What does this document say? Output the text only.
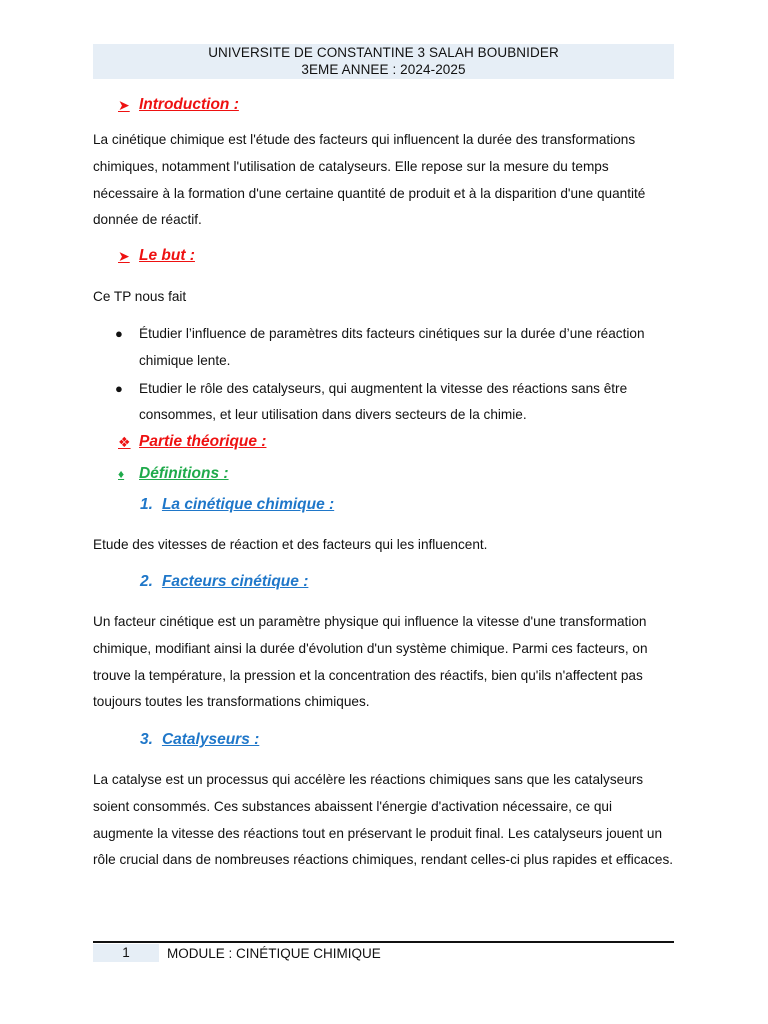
UNIVERSITE DE CONSTANTINE 3 SALAH BOUBNIDER
3EME ANNEE : 2024-2025
➤ Introduction :
La cinétique chimique est l'étude des facteurs qui influencent la durée des transformations chimiques, notamment l'utilisation de catalyseurs. Elle repose sur la mesure du temps nécessaire à la formation d'une certaine quantité de produit et à la disparition d'une quantité donnée de réactif.
➤ Le but :
Ce TP nous fait
● Étudier l’influence de paramètres dits facteurs cinétiques sur la durée d’une réaction chimique lente.
● Etudier le rôle des catalyseurs, qui augmentent la vitesse des réactions sans être consommes, et leur utilisation dans divers secteurs de la chimie.
❖ Partie théorique :
♦ Définitions :
1. La cinétique chimique :
Etude des vitesses de réaction et des facteurs qui les influencent.
2. Facteurs cinétique :
Un facteur cinétique est un paramètre physique qui influence la vitesse d'une transformation chimique, modifiant ainsi la durée d'évolution d'un système chimique. Parmi ces facteurs, on trouve la température, la pression et la concentration des réactifs, bien qu'ils n'affectent pas toujours toutes les transformations chimiques.
3. Catalyseurs :
La catalyse est un processus qui accélère les réactions chimiques sans que les catalyseurs soient consommés. Ces substances abaissent l'énergie d'activation nécessaire, ce qui augmente la vitesse des réactions tout en préservant le produit final. Les catalyseurs jouent un rôle crucial dans de nombreuses réactions chimiques, rendant celles-ci plus rapides et efficaces.
1	MODULE : CINÉTIQUE CHIMIQUE
